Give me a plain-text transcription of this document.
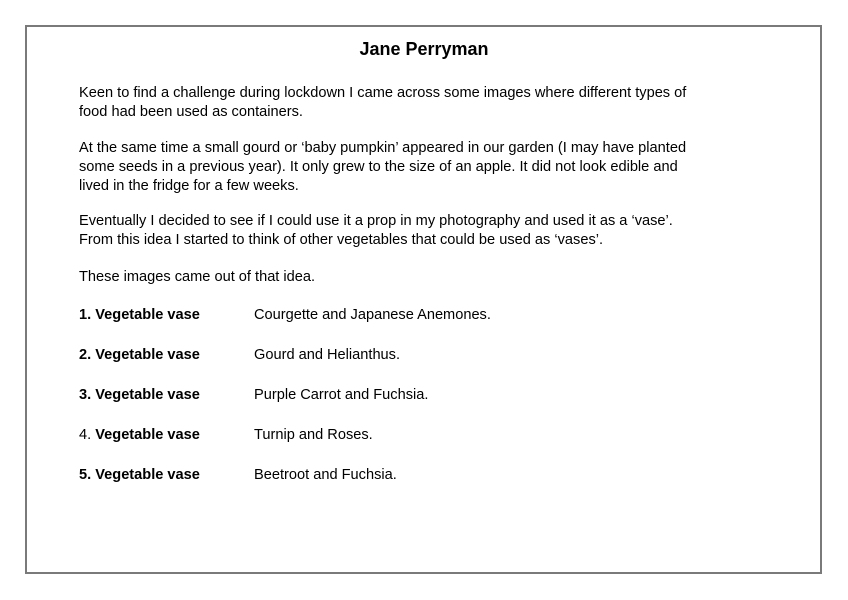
Jane Perryman

Keen to find a challenge during lockdown I came across some images where different types of
food had been used as containers.

At the same time a small gourd or ‘baby pumpkin’ appeared in our garden (I may have planted
some seeds in a previous year). It only grew to the size of an apple. It did not look edible and
lived in the fridge for a few weeks.

Eventually I decided to see if I could use it a prop in my photography and used it as a ‘vase’.
From this idea I started to think of other vegetables that could be used as ‘vases’.

These images came out of that idea.

1. Vegetable vase	Courgette and Japanese Anemones.
2. Vegetable vase	Gourd and Helianthus.
3. Vegetable vase	Purple Carrot and Fuchsia.
4. Vegetable vase	Turnip and Roses.
5. Vegetable vase	Beetroot and Fuchsia.
